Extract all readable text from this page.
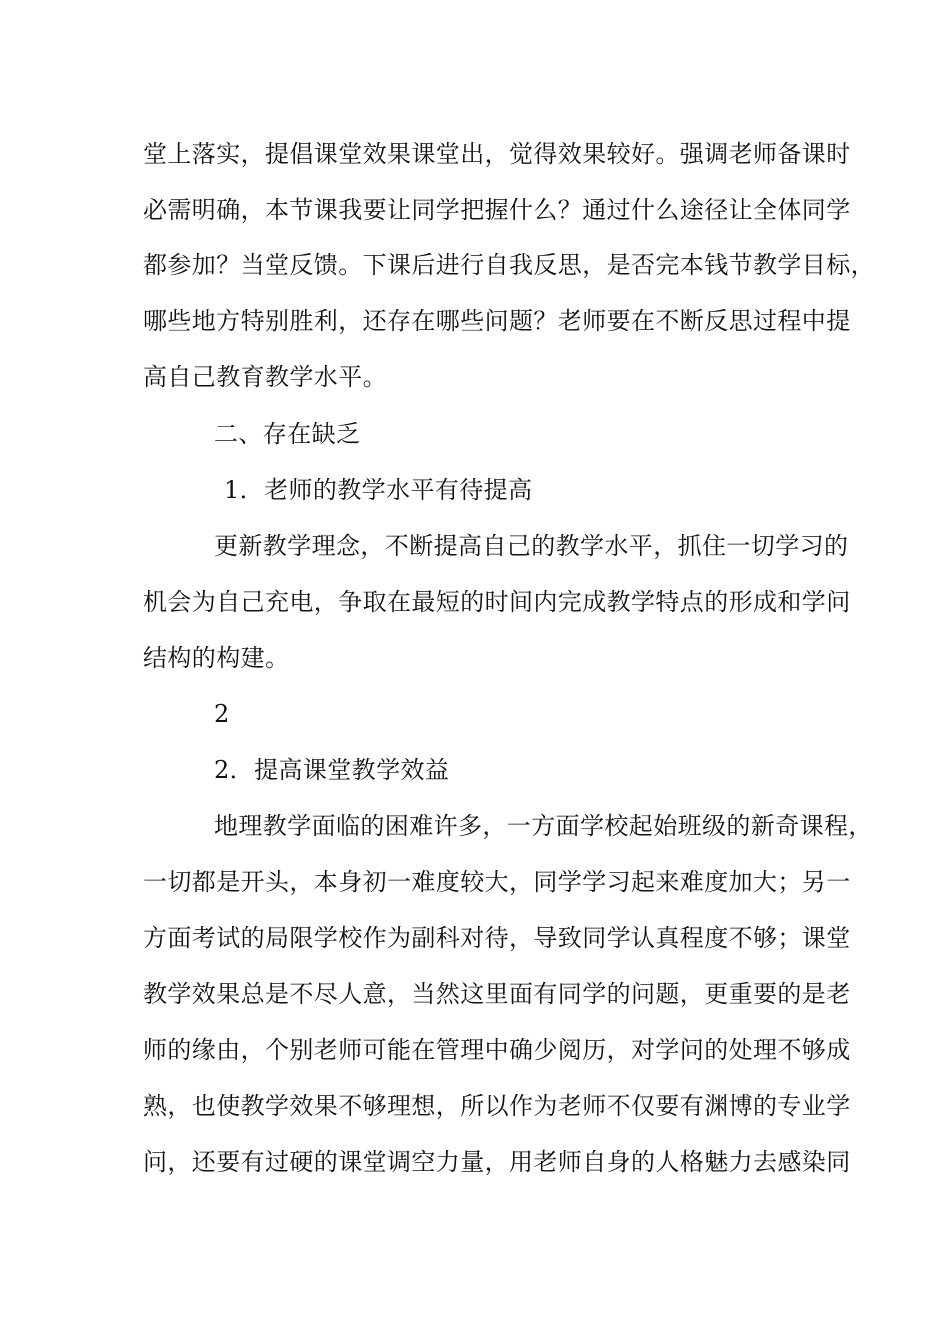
堂上落实，提倡课堂效果课堂出，觉得效果较好。强调老师备课时
必需明确，本节课我要让同学把握什么？通过什么途径让全体同学
都参加？当堂反馈。下课后进行自我反思，是否完本钱节教学目标，
哪些地方特别胜利，还存在哪些问题？老师要在不断反思过程中提
高自己教育教学水平。
二、存在缺乏
1．老师的教学水平有待提高
更新教学理念，不断提高自己的教学水平，抓住一切学习的
机会为自己充电，争取在最短的时间内完成教学特点的形成和学问
结构的构建。
2
2．提高课堂教学效益
地理教学面临的困难许多，一方面学校起始班级的新奇课程，
一切都是开头，本身初一难度较大，同学学习起来难度加大；另一
方面考试的局限学校作为副科对待，导致同学认真程度不够；课堂
教学效果总是不尽人意，当然这里面有同学的问题，更重要的是老
师的缘由，个别老师可能在管理中确少阅历，对学问的处理不够成
熟，也使教学效果不够理想，所以作为老师不仅要有渊博的专业学
问，还要有过硬的课堂调空力量，用老师自身的人格魅力去感染同
